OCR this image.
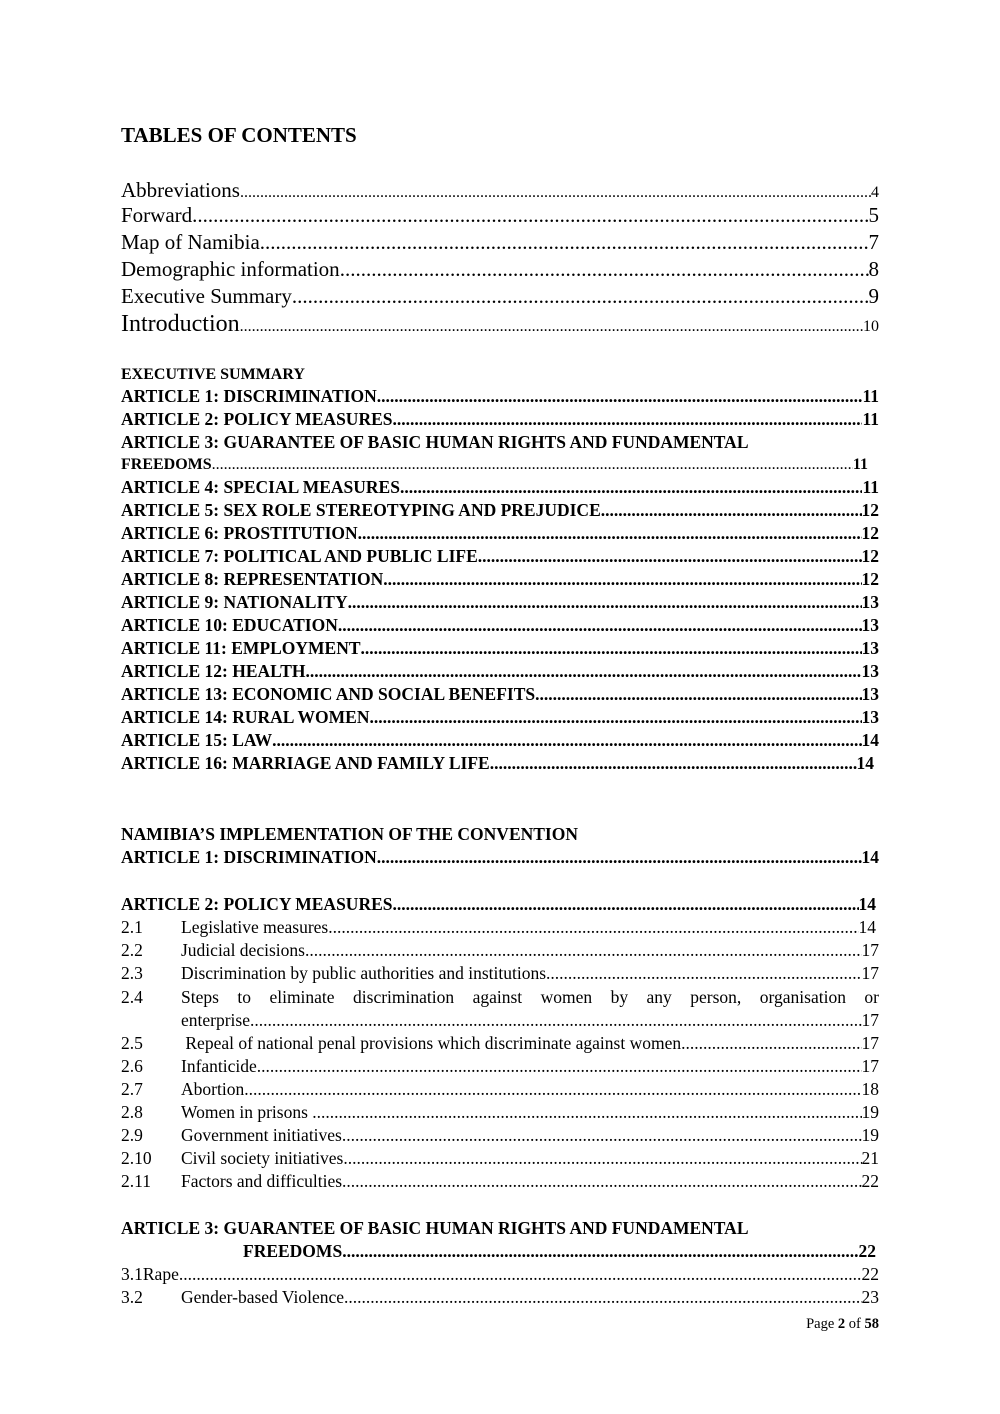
TABLES OF CONTENTS
Abbreviations .....	4
Forward .....	5
Map of Namibia .....	7
Demographic information .....	8
Executive Summary .....	9
Introduction .....	10
EXECUTIVE SUMMARY
ARTICLE 1: DISCRIMINATION .....	11
ARTICLE 2: POLICY MEASURES .....	11
ARTICLE 3: GUARANTEE OF BASIC HUMAN RIGHTS AND FUNDAMENTAL
FREEDOMS .....	11
ARTICLE 4: SPECIAL MEASURES .....	11
ARTICLE 5: SEX ROLE STEREOTYPING AND PREJUDICE .....	12
ARTICLE 6: PROSTITUTION .....	12
ARTICLE 7: POLITICAL AND PUBLIC LIFE .....	12
ARTICLE 8: REPRESENTATION .....	12
ARTICLE 9: NATIONALITY .....	13
ARTICLE 10: EDUCATION .....	13
ARTICLE 11: EMPLOYMENT .....	13
ARTICLE 12: HEALTH .....	13
ARTICLE 13: ECONOMIC AND SOCIAL BENEFITS .....	13
ARTICLE 14: RURAL WOMEN .....	13
ARTICLE 15: LAW .....	14
ARTICLE 16: MARRIAGE AND FAMILY LIFE .....	14
NAMIBIA’S IMPLEMENTATION OF THE CONVENTION
ARTICLE 1: DISCRIMINATION .....	14
ARTICLE 2: POLICY MEASURES .....	14
2.1 Legislative measures .....	14
2.2 Judicial decisions .....	17
2.3 Discrimination by public authorities and institutions .....	17
2.4 Steps to eliminate discrimination against women by any person, organisation or
enterprise .....	17
2.5 Repeal of national penal provisions which discriminate against women .....	17
2.6 Infanticide .....	17
2.7 Abortion .....	18
2.8 Women in prisons .....	19
2.9 Government initiatives .....	19
2.10 Civil society initiatives .....	21
2.11 Factors and difficulties .....	22
ARTICLE 3: GUARANTEE OF BASIC HUMAN RIGHTS AND FUNDAMENTAL
FREEDOMS .....	22
3.1Rape .....	22
3.2 Gender-based Violence .....	23
Page 2 of 58
